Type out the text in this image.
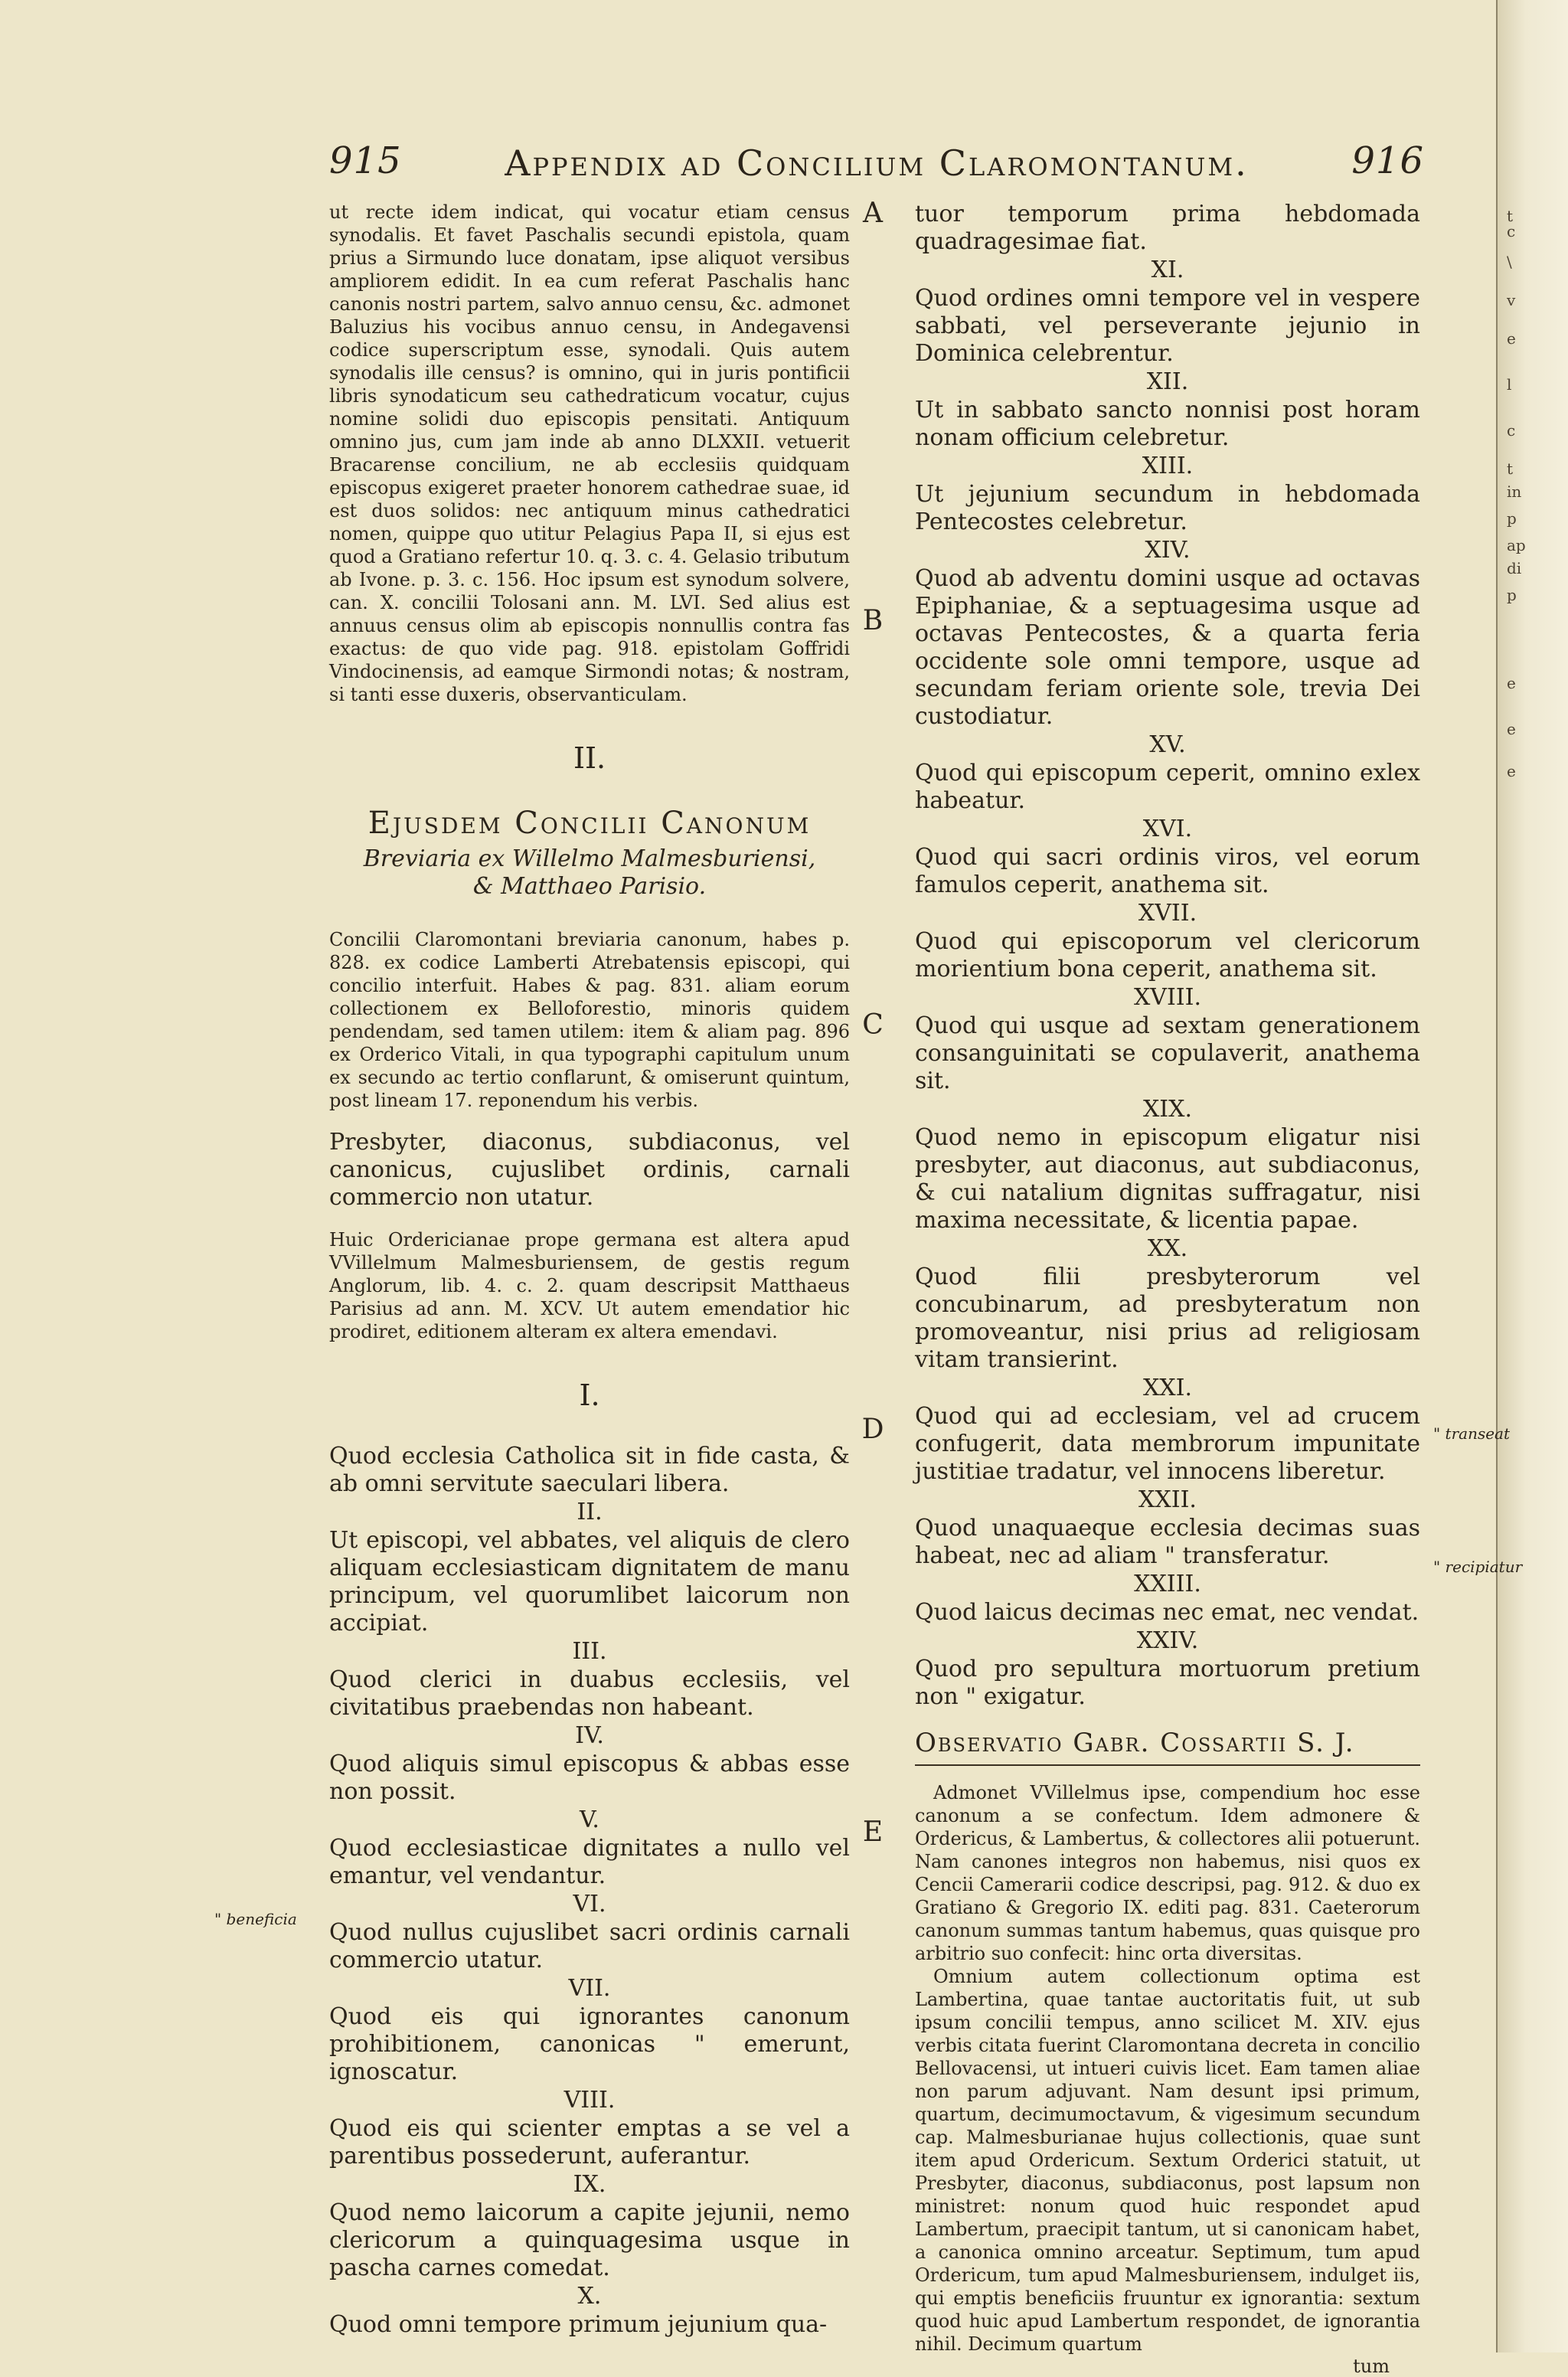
t
c
\
v
e
l
c
t
in
p
ap
di
p
e
e
e
915	Appendix ad Concilium Claromontanum.	916
A
B
C
D
E
" beneficia
" transeat
" recipiatur

ut recte idem indicat, qui vocatur etiam census synodalis. Et favet Paschalis secundi epistola, quam prius a Sirmundo luce donatam, ipse aliquot versibus ampliorem edidit. In ea cum referat Paschalis hanc canonis nostri partem, salvo annuo censu, &c. admonet Baluzius his vocibus annuo censu, in Andegavensi codice superscriptum esse, synodali. Quis autem synodalis ille census? is omnino, qui in juris pontificii libris synodaticum seu cathedraticum vocatur, cujus nomine solidi duo episcopis pensitati. Antiquum omnino jus, cum jam inde ab anno DLXXII. vetuerit Bracarense concilium, ne ab ecclesiis quidquam episcopus exigeret praeter honorem cathedrae suae, id est duos solidos: nec antiquum minus cathedratici nomen, quippe quo utitur Pelagius Papa II, si ejus est quod a Gratiano refertur 10. q. 3. c. 4. Gelasio tributum ab Ivone. p. 3. c. 156. Hoc ipsum est synodum solvere, can. X. concilii Tolosani ann. M. LVI. Sed alius est annuus census olim ab episcopis nonnullis contra fas exactus: de quo vide pag. 918. epistolam Goffridi Vindocinensis, ad eamque Sirmondi notas; & nostram, si tanti esse duxeris, observanticulam.

II.
Ejusdem Concilii Canonum
Breviaria ex Willelmo Malmesburiensi, & Matthaeo Parisio.

Concilii Claromontani breviaria canonum, habes p. 828. ex codice Lamberti Atrebatensis episcopi, qui concilio interfuit. Habes & pag. 831. aliam eorum collectionem ex Belloforestio, minoris quidem pendendam, sed tamen utilem: item & aliam pag. 896 ex Orderico Vitali, in qua typographi capitulum unum ex secundo ac tertio conflarunt, & omiserunt quintum, post lineam 17. reponendum his verbis.

Presbyter, diaconus, subdiaconus, vel canonicus, cujuslibet ordinis, carnali commercio non utatur.

Huic Ordericianae prope germana est altera apud VVillelmum Malmesburiensem, de gestis regum Anglorum, lib. 4. c. 2. quam descripsit Matthaeus Parisius ad ann. M. XCV. Ut autem emendatior hic prodiret, editionem alteram ex altera emendavi.

I.

Quod ecclesia Catholica sit in fide casta, & ab omni servitute saeculari libera.

II.

Ut episcopi, vel abbates, vel aliquis de clero aliquam ecclesiasticam dignitatem de manu principum, vel quorumlibet laicorum non accipiat.

III.

Quod clerici in duabus ecclesiis, vel civitatibus praebendas non habeant.

IV.

Quod aliquis simul episcopus & abbas esse non possit.

V.

Quod ecclesiasticae dignitates a nullo vel emantur, vel vendantur.

VI.

Quod nullus cujuslibet sacri ordinis carnali commercio utatur.

VII.

Quod eis qui ignorantes canonum prohibitionem, canonicas " emerunt, ignoscatur.

VIII.

Quod eis qui scienter emptas a se vel a parentibus possederunt, auferantur.

IX.

Quod nemo laicorum a capite jejunii, nemo clericorum a quinquagesima usque in pascha carnes comedat.

X.

Quod omni tempore primum jejunium qua-

tuor temporum prima hebdomada quadragesimae fiat.

XI.

Quod ordines omni tempore vel in vespere sabbati, vel perseverante jejunio in Dominica celebrentur.

XII.

Ut in sabbato sancto nonnisi post horam nonam officium celebretur.

XIII.

Ut jejunium secundum in hebdomada Pentecostes celebretur.

XIV.

Quod ab adventu domini usque ad octavas Epiphaniae, & a septuagesima usque ad octavas Pentecostes, & a quarta feria occidente sole omni tempore, usque ad secundam feriam oriente sole, trevia Dei custodiatur.

XV.

Quod qui episcopum ceperit, omnino exlex habeatur.

XVI.

Quod qui sacri ordinis viros, vel eorum famulos ceperit, anathema sit.

XVII.

Quod qui episcoporum vel clericorum morientium bona ceperit, anathema sit.

XVIII.

Quod qui usque ad sextam generationem consanguinitati se copulaverit, anathema sit.

XIX.

Quod nemo in episcopum eligatur nisi presbyter, aut diaconus, aut subdiaconus, & cui natalium dignitas suffragatur, nisi maxima necessitate, & licentia papae.

XX.

Quod filii presbyterorum vel concubinarum, ad presbyteratum non promoveantur, nisi prius ad religiosam vitam transierint.

XXI.

Quod qui ad ecclesiam, vel ad crucem confugerit, data membrorum impunitate justitiae tradatur, vel innocens liberetur.

XXII.

Quod unaquaeque ecclesia decimas suas habeat, nec ad aliam " transferatur.

XXIII.

Quod laicus decimas nec emat, nec vendat.

XXIV.

Quod pro sepultura mortuorum pretium non " exigatur.

Observatio Gabr. Cossartii S. J.

Admonet VVillelmus ipse, compendium hoc esse canonum a se confectum. Idem admonere & Ordericus, & Lambertus, & collectores alii potuerunt. Nam canones integros non habemus, nisi quos ex Cencii Camerarii codice descripsi, pag. 912. & duo ex Gratiano & Gregorio IX. editi pag. 831. Caeterorum canonum summas tantum habemus, quas quisque pro arbitrio suo confecit: hinc orta diversitas.

Omnium autem collectionum optima est Lambertina, quae tantae auctoritatis fuit, ut sub ipsum concilii tempus, anno scilicet M. XIV. ejus verbis citata fuerint Claromontana decreta in concilio Bellovacensi, ut intueri cuivis licet. Eam tamen aliae non parum adjuvant. Nam desunt ipsi primum, quartum, decimumoctavum, & vigesimum secundum cap. Malmesburianae hujus collectionis, quae sunt item apud Ordericum. Sextum Orderici statuit, ut Presbyter, diaconus, subdiaconus, post lapsum non ministret: nonum quod huic respondet apud Lambertum, praecipit tantum, ut si canonicam habet, a canonica omnino arceatur. Septimum, tum apud Ordericum, tum apud Malmesburiensem, indulget iis, qui emptis beneficiis fruuntur ex ignorantia: sextum quod huic apud Lambertum respondet, de ignorantia nihil. Decimum quartum

tum
